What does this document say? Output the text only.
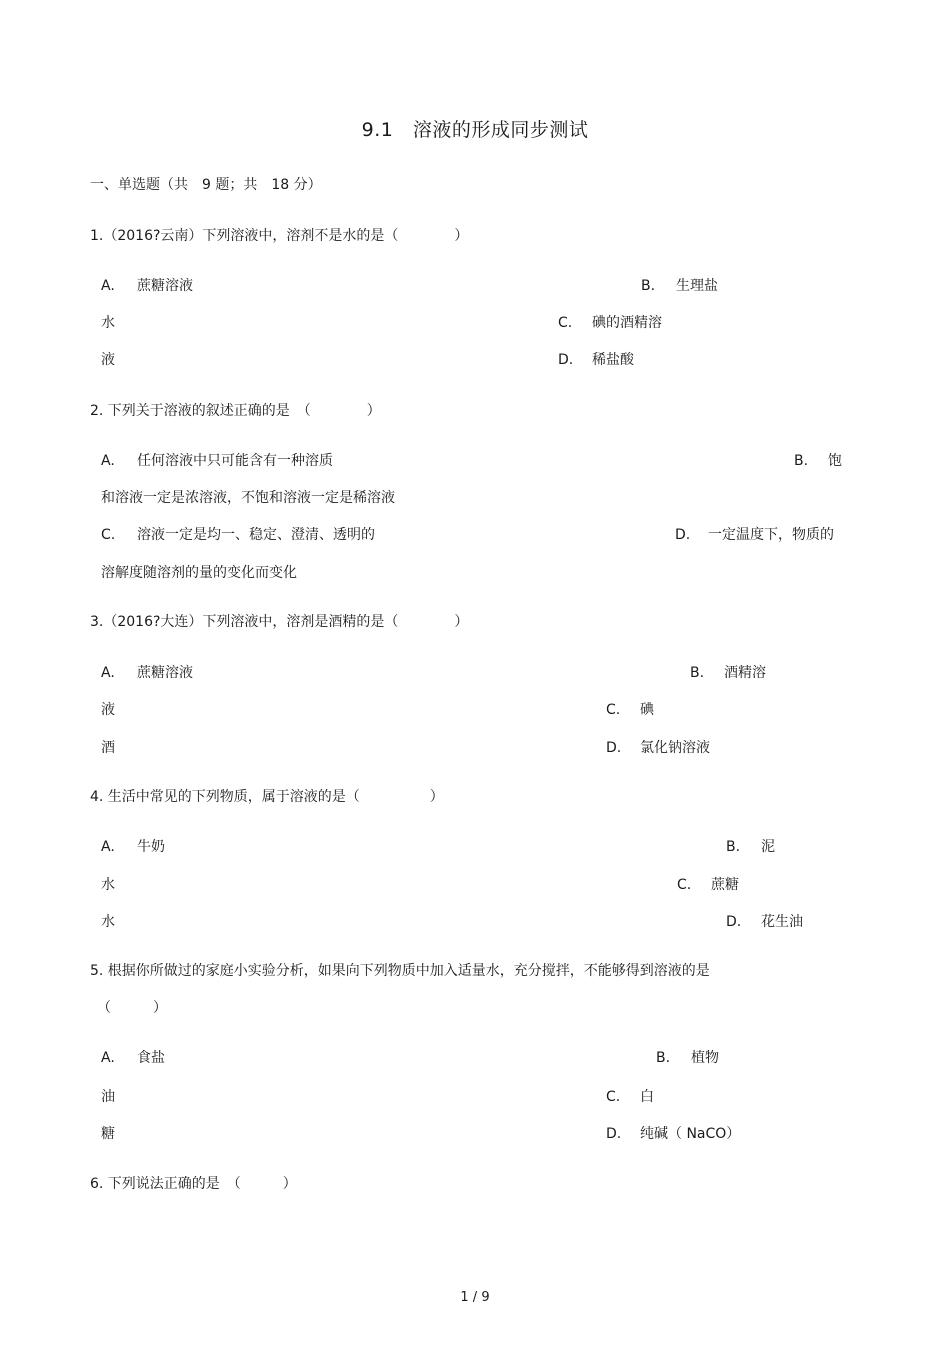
9.1　溶液的形成同步测试
一、单选题（共　9 题；共　18 分）
1.（2016?云南）下列溶液中，溶剂不是水的是（　　　　）
A. 蔗糖溶液	B. 生理盐
水	C. 碘的酒精溶
液	D. 稀盐酸
2. 下列关于溶液的叙述正确的是　（　　　　）
A. 任何溶液中只可能含有一种溶质	B. 饱
和溶液一定是浓溶液，不饱和溶液一定是稀溶液
C. 溶液一定是均一、稳定、澄清、透明的	D. 一定温度下，物质的
溶解度随溶剂的量的变化而变化
3.（2016?大连）下列溶液中，溶剂是酒精的是（　　　　）
A. 蔗糖溶液	B. 酒精溶
液	C. 碘
酒	D. 氯化钠溶液
4. 生活中常见的下列物质，属于溶液的是（　　　　　）
A. 牛奶	B. 泥
水	C. 蔗糖
水	D. 花生油
5. 根据你所做过的家庭小实验分析，如果向下列物质中加入适量水，充分搅拌，不能够得到溶液的是
（　　　）
A. 食盐	B. 植物
油	C. 白
糖	D. 纯碱（ NaCO）
6. 下列说法正确的是　（　　　）
1 / 9
